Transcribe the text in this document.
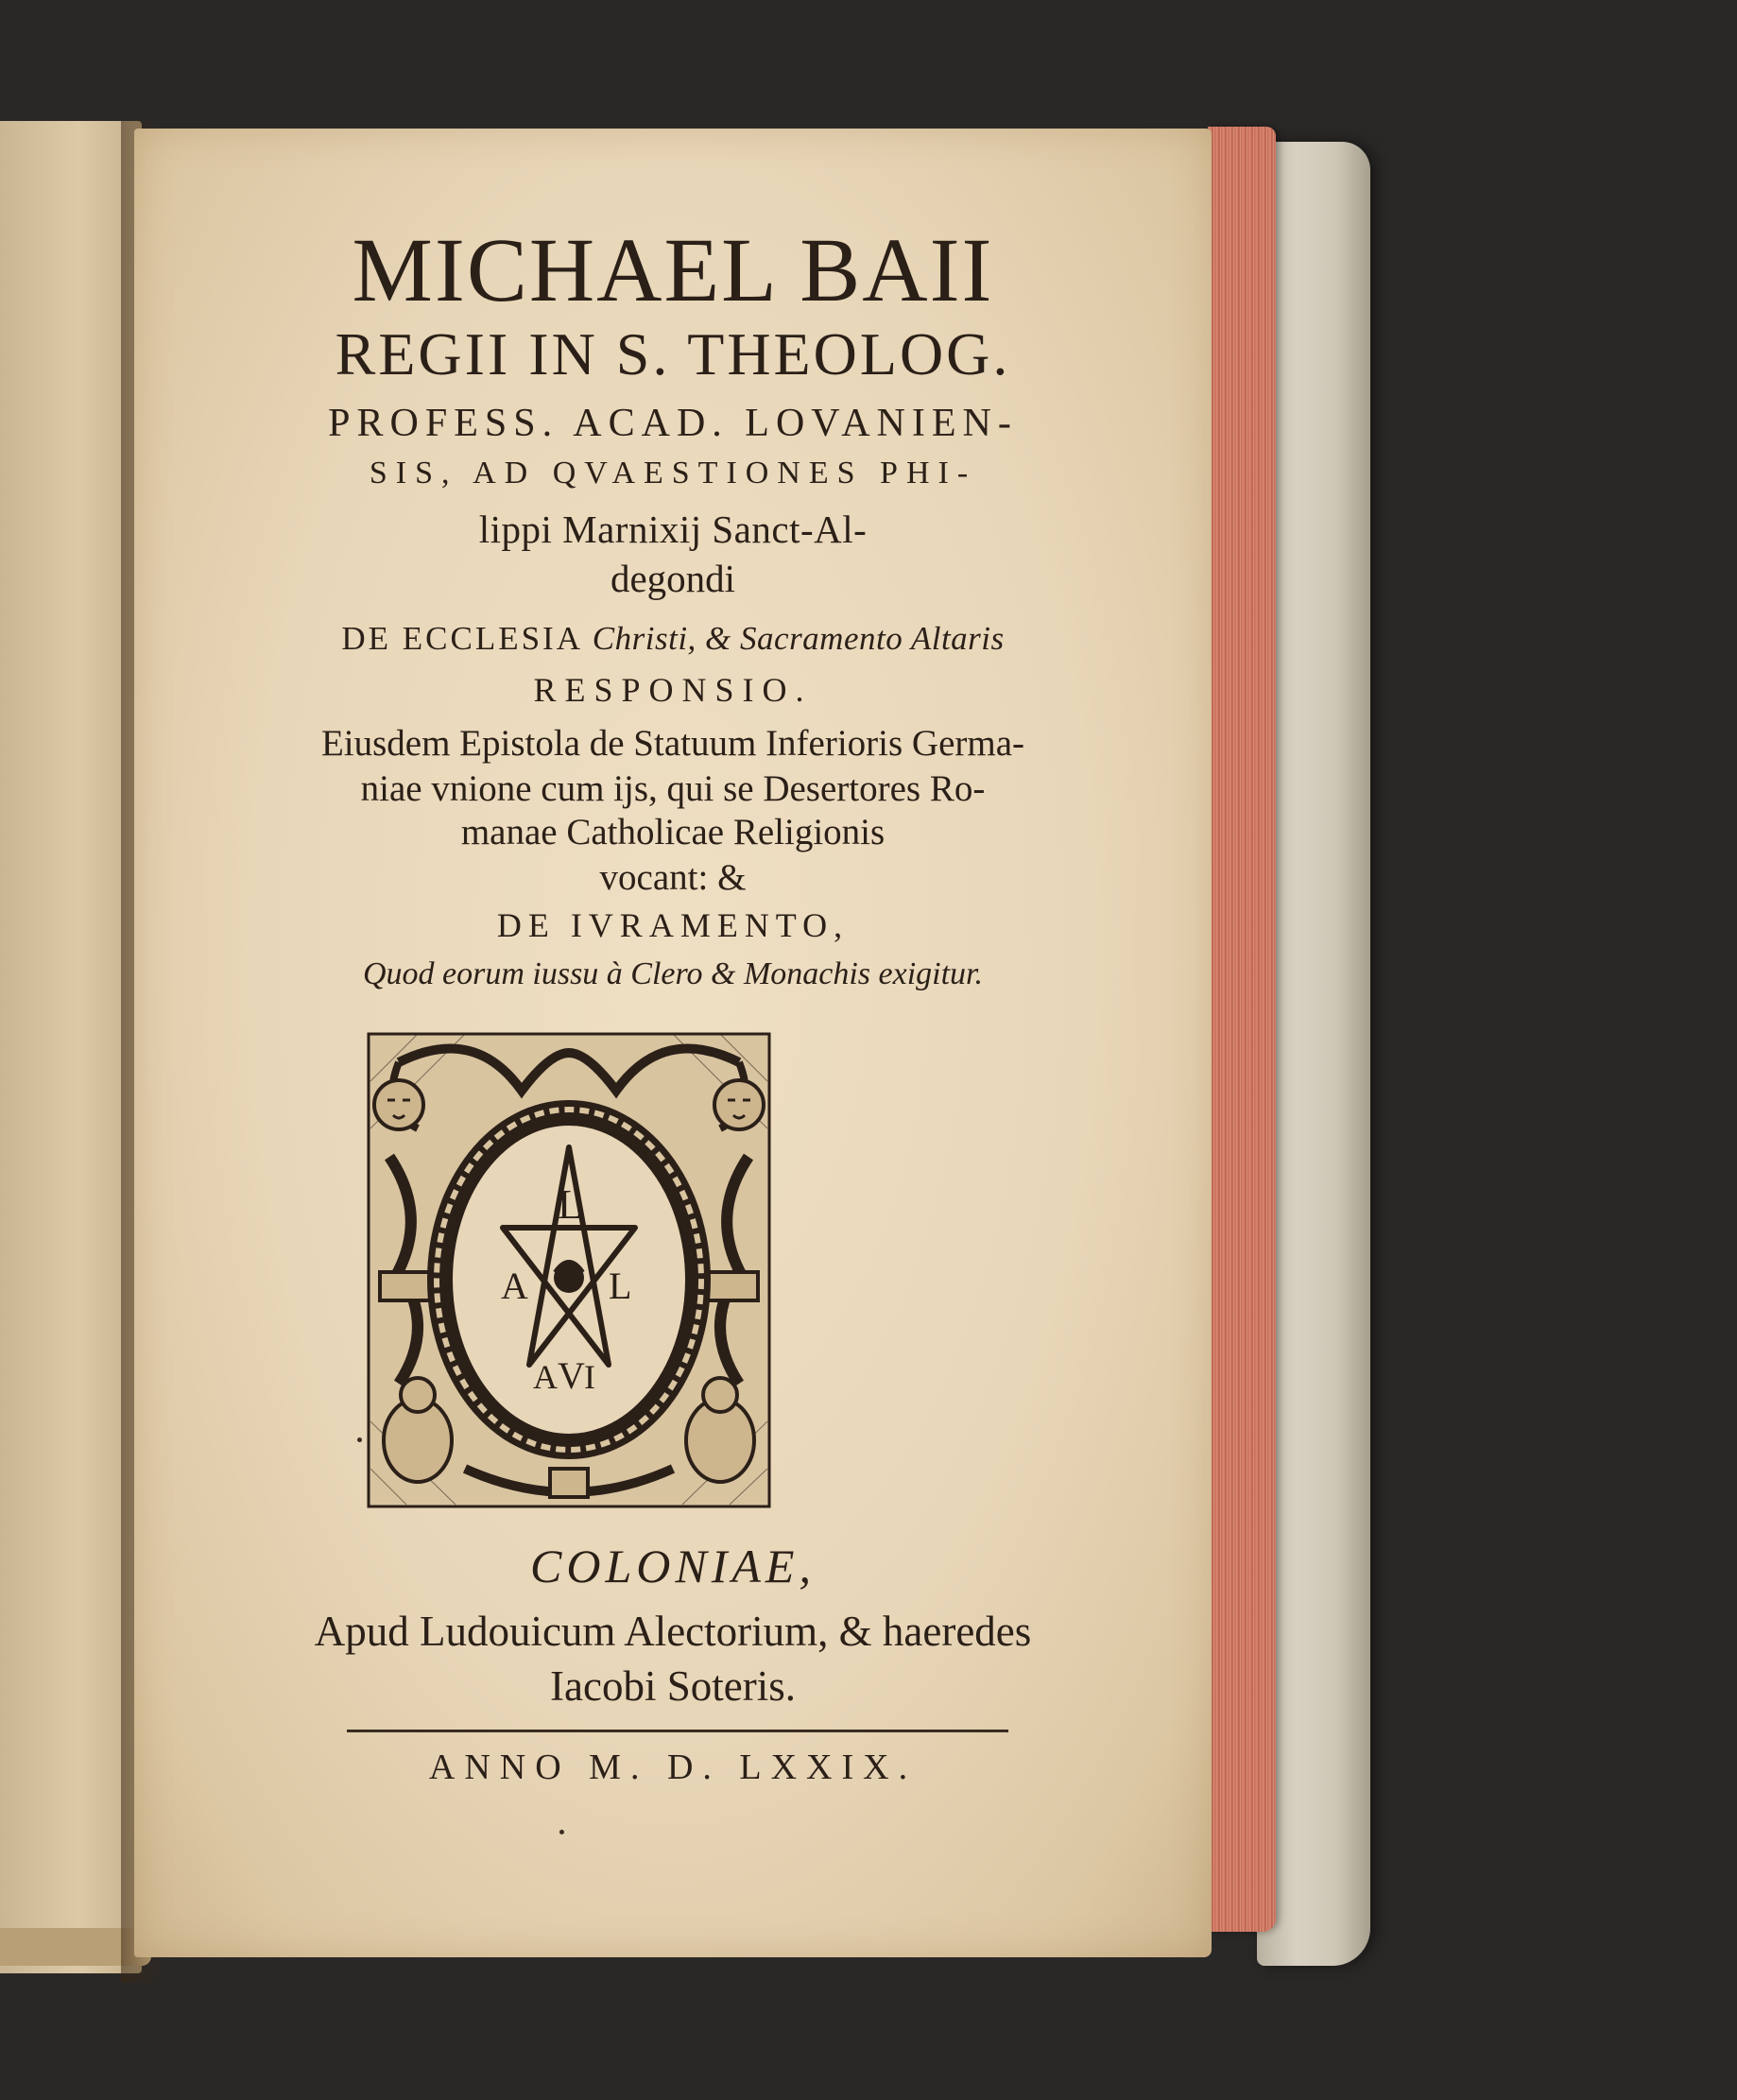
MICHAEL BAII

REGII IN S. THEOLOG.

PROFESS. ACAD. LOVANIEN-

SIS, AD QVAESTIONES PHI-

lippi Marnixij Sanct-Al-

degondi

DE ECCLESIA Christi, & Sacramento Altaris

RESPONSIO.

Eiusdem Epistola de Statuum Inferioris Germa-

niae vnione cum ijs, qui se Desertores Ro-

manae Catholicae Religionis

vocant: &

DE IVRAMENTO,

Quod eorum iussu à Clero & Monachis exigitur.

L
A
V
L
A I

COLONIAE,

Apud Ludouicum Alectorium, & haeredes

Iacobi Soteris.

ANNO M. D. LXXIX.
